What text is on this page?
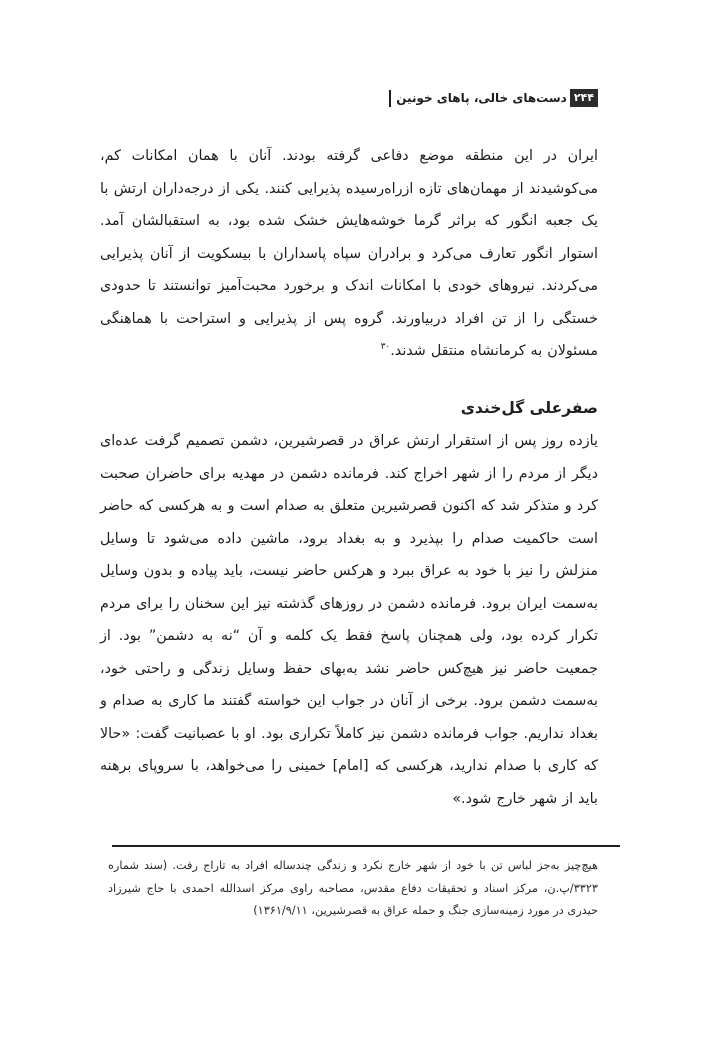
۲۴۴
دست‌های خالی، پاهای خونین

ایران در این منطقه موضع دفاعی گرفته بودند. آنان با همان امکانات کم، می‌کوشیدند از مهمان‌های تازه ازراه‌رسیده پذیرایی کنند. یکی از درجه‌داران ارتش با یک جعبه انگور که براثر گرما خوشه‌هایش خشک شده بود، به استقبالشان آمد. استوار انگور تعارف می‌کرد و برادران سپاه پاسداران با بیسکویت از آنان پذیرایی می‌کردند. نیروهای خودی با امکانات اندک و برخورد محبت‌آمیز توانستند تا حدودی خستگی را از تن افراد دربیاورند. گروه پس از پذیرایی و استراحت با هماهنگی مسئولان به کرمانشاه منتقل شدند.$^{۳۰}$

صفرعلی گل‌خندی

یازده روز پس از استقرار ارتش عراق در قصرشیرین، دشمن تصمیم گرفت عده‌ای دیگر از مردم را از شهر اخراج کند. فرمانده دشمن در مهدیه برای حاضران صحبت کرد و متذکر شد که اکنون قصرشیرین متعلق به صدام است و به هرکسی که حاضر است حاکمیت صدام را بپذیرد و به بغداد برود، ماشین داده می‌شود تا وسایل منزلش را نیز با خود به عراق ببرد و هرکس حاضر نیست، باید پیاده و بدون وسایل به‌سمت ایران برود. فرمانده دشمن در روزهای گذشته نیز این سخنان را برای مردم تکرار کرده بود، ولی همچنان پاسخ فقط یک کلمه و آن “نه به دشمن” بود. از جمعیت حاضر نیز هیچ‌کس حاضر نشد به‌بهای حفظ وسایل زندگی و راحتی خود، به‌سمت دشمن برود. برخی از آنان در جواب این خواسته گفتند ما کاری به صدام و بغداد نداریم. جواب فرمانده دشمن نیز کاملاً تکراری بود. او با عصبانیت گفت: «حالا که کاری با صدام ندارید، هرکسی که [امام] خمینی را می‌خواهد، با سروپای برهنه باید از شهر خارج شود.»

هیچ‌چیز به‌جز لباس تن با خود از شهر خارج نکرد و زندگی چندساله افراد به تاراج رفت. (سند شماره ۳۳۲۳/پ.ن، مرکز اسناد و تحقیقات دفاع مقدس، مصاحبه راوی مرکز اسدالله احمدی با حاج شیرزاد حیدری در مورد زمینه‌سازی جنگ و حمله عراق به قصرشیرین، ۱۳۶۱/۹/۱۱)
